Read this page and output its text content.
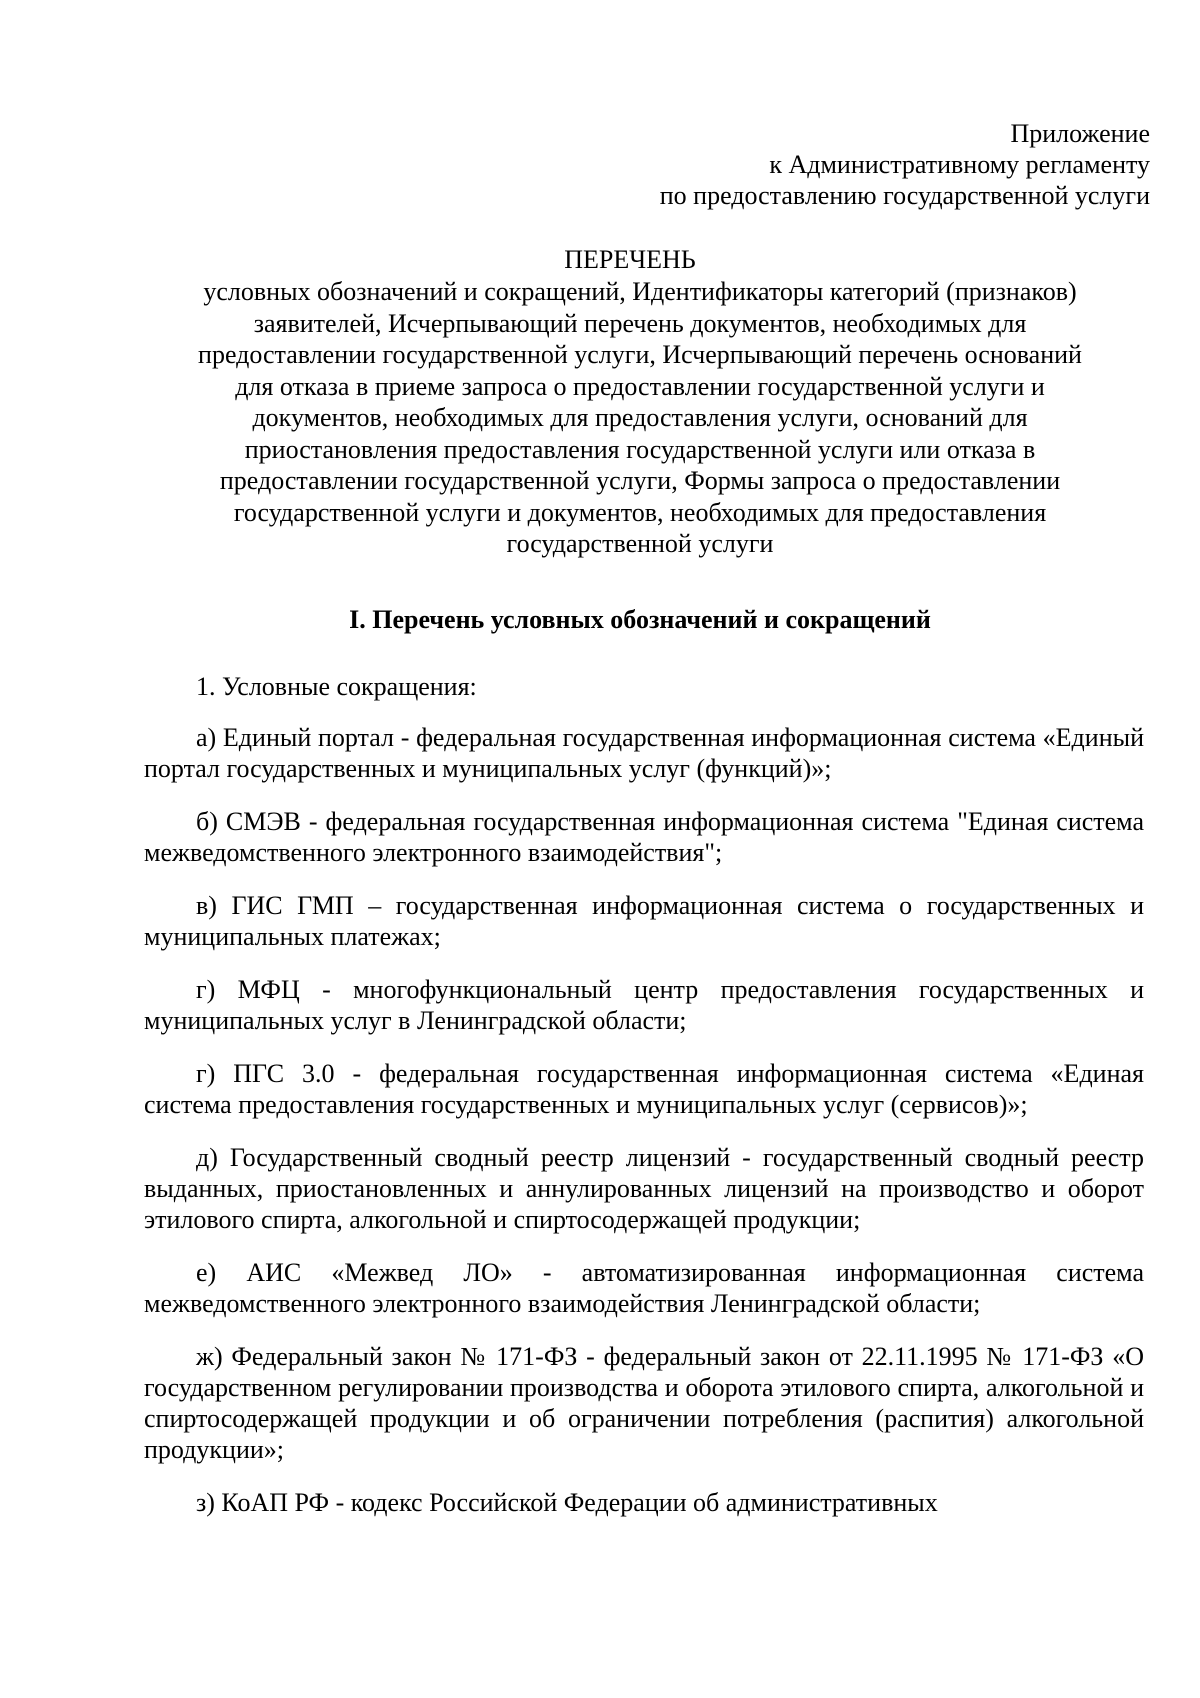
Приложение
к Административному регламенту
по предоставлению государственной услуги
ПЕРЕЧЕНЬ
условных обозначений и сокращений, Идентификаторы категорий (признаков)
заявителей, Исчерпывающий перечень документов, необходимых для
предоставлении государственной услуги, Исчерпывающий перечень оснований
для отказа в приеме запроса о предоставлении государственной услуги и
документов, необходимых для предоставления услуги, оснований для
приостановления предоставления государственной услуги или отказа в
предоставлении государственной услуги, Формы запроса о предоставлении
государственной услуги и документов, необходимых для предоставления
государственной услуги
I. Перечень условных обозначений и сокращений
1. Условные сокращения:

а) Единый портал - федеральная государственная информационная система «Единый портал государственных и муниципальных услуг (функций)»;

б) СМЭВ - федеральная государственная информационная система "Единая система межведомственного электронного взаимодействия";

в) ГИС ГМП – государственная информационная система о государственных и муниципальных платежах;

г) МФЦ - многофункциональный центр предоставления государственных и муниципальных услуг в Ленинградской области;

г) ПГС 3.0 - федеральная государственная информационная система «Единая система предоставления государственных и муниципальных услуг (сервисов)»;

д) Государственный сводный реестр лицензий - государственный сводный реестр выданных, приостановленных и аннулированных лицензий на производство и оборот этилового спирта, алкогольной и спиртосодержащей продукции;

е) АИС «Межвед ЛО» - автоматизированная информационная система межведомственного электронного взаимодействия Ленинградской области;

ж) Федеральный закон № 171-ФЗ - федеральный закон от 22.11.1995 № 171-ФЗ «О государственном регулировании производства и оборота этилового спирта, алкогольной и спиртосодержащей продукции и об ограничении потребления (распития) алкогольной продукции»;

з) КоАП РФ - кодекс Российской Федерации об административных
